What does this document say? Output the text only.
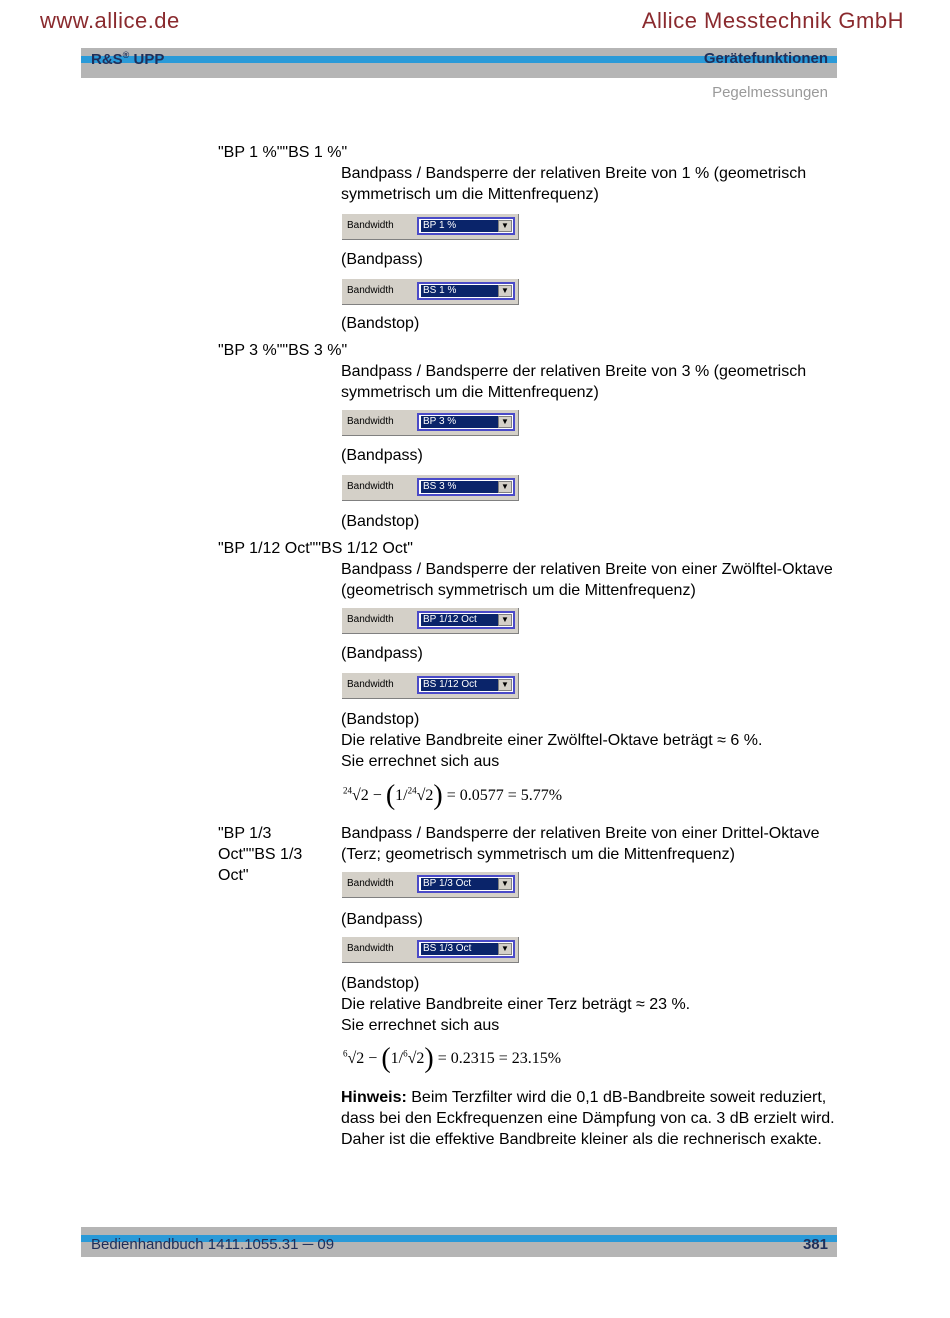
www.allice.de	Allice Messtechnik GmbH
R&S® UPP	Gerätefunktionen
Pegelmessungen
"BP 1 %""BS 1 %"
Bandpass / Bandsperre der relativen Breite von 1 % (geometrisch symmetrisch um die Mittenfrequenz)
Bandwidth	BP 1 %	▼
(Bandpass)
Bandwidth	BS 1 %	▼
(Bandstop)
"BP 3 %""BS 3 %"
Bandpass / Bandsperre der relativen Breite von 3 % (geometrisch symmetrisch um die Mittenfrequenz)
Bandwidth	BP 3 %	▼
(Bandpass)
Bandwidth	BS 3 %	▼
(Bandstop)
"BP 1/12 Oct""BS 1/12 Oct"
Bandpass / Bandsperre der relativen Breite von einer Zwölftel-Oktave (geometrisch symmetrisch um die Mittenfrequenz)
Bandwidth	BP 1/12 Oct	▼
(Bandpass)
Bandwidth	BS 1/12 Oct	▼
(Bandstop)
Die relative Bandbreite einer Zwölftel-Oktave beträgt ≈ 6 %.
Sie errechnet sich aus
$^{24}$√2 − (1/$^{24}$√2) = 0.0577 = 5.77%
"BP 1/3 Oct""BS 1/3 Oct"
Bandpass / Bandsperre der relativen Breite von einer Drittel-Oktave (Terz; geometrisch symmetrisch um die Mittenfrequenz)
Bandwidth	BP 1/3 Oct	▼
(Bandpass)
Bandwidth	BS 1/3 Oct	▼
(Bandstop)
Die relative Bandbreite einer Terz beträgt ≈ 23 %.
Sie errechnet sich aus
$^6$√2 − (1/$^6$√2) = 0.2315 = 23.15%

Hinweis: Beim Terzfilter wird die 0,1 dB-Bandbreite soweit reduziert, dass bei den Eckfrequenzen eine Dämpfung von ca. 3 dB erzielt wird. Daher ist die effektive Bandbreite kleiner als die rechnerisch exakte.

Bedienhandbuch 1411.1055.31 ─ 09	381
